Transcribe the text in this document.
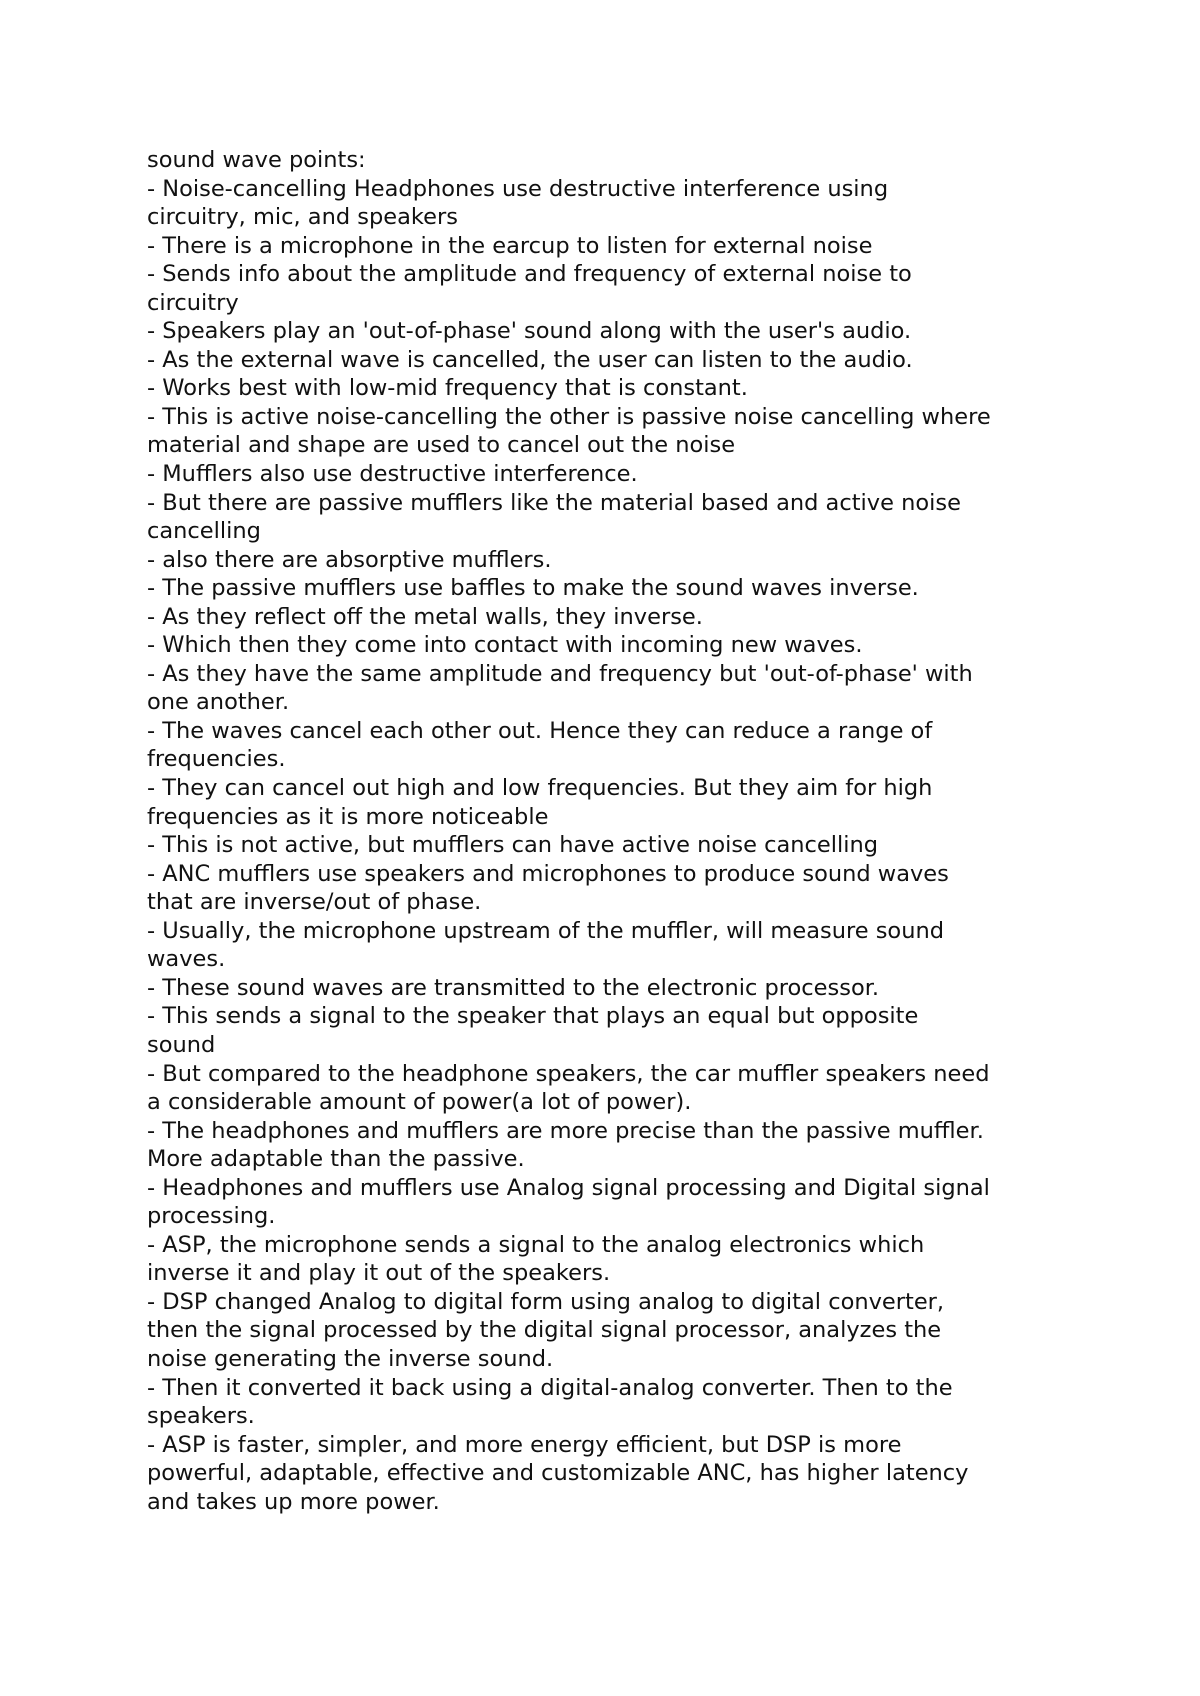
sound wave points:
- Noise-cancelling Headphones use destructive interference using
circuitry, mic, and speakers
- There is a microphone in the earcup to listen for external noise
- Sends info about the amplitude and frequency of external noise to
circuitry
- Speakers play an 'out-of-phase' sound along with the user's audio.
- As the external wave is cancelled, the user can listen to the audio.
- Works best with low-mid frequency that is constant.
- This is active noise-cancelling the other is passive noise cancelling where
material and shape are used to cancel out the noise
- Mufflers also use destructive interference.
- But there are passive mufflers like the material based and active noise
cancelling
- also there are absorptive mufflers.
- The passive mufflers use baffles to make the sound waves inverse.
- As they reflect off the metal walls, they inverse.
- Which then they come into contact with incoming new waves.
- As they have the same amplitude and frequency but 'out-of-phase' with
one another.
- The waves cancel each other out. Hence they can reduce a range of
frequencies.
- They can cancel out high and low frequencies. But they aim for high
frequencies as it is more noticeable
- This is not active, but mufflers can have active noise cancelling
- ANC mufflers use speakers and microphones to produce sound waves
that are inverse/out of phase.
- Usually, the microphone upstream of the muffler, will measure sound
waves.
- These sound waves are transmitted to the electronic processor.
- This sends a signal to the speaker that plays an equal but opposite
sound
- But compared to the headphone speakers, the car muffler speakers need
a considerable amount of power(a lot of power).
- The headphones and mufflers are more precise than the passive muffler.
More adaptable than the passive.
- Headphones and mufflers use Analog signal processing and Digital signal
processing.
- ASP, the microphone sends a signal to the analog electronics which
inverse it and play it out of the speakers.
- DSP changed Analog to digital form using analog to digital converter,
then the signal processed by the digital signal processor, analyzes the
noise generating the inverse sound.
- Then it converted it back using a digital-analog converter. Then to the
speakers.
- ASP is faster, simpler, and more energy efficient, but DSP is more
powerful, adaptable, effective and customizable ANC, has higher latency
and takes up more power.
